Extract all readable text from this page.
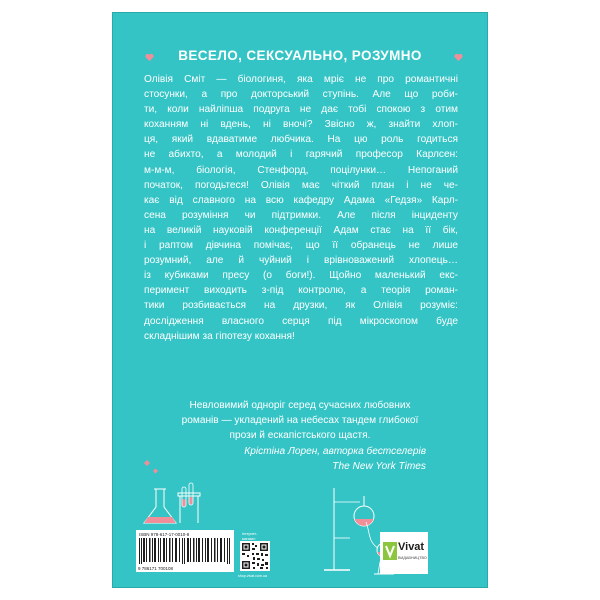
ВЕСЕЛО, СЕКСУАЛЬНО, РОЗУМНО
Олівія Сміт — біологиня, яка мріє не про романтичні
стосунки, а про докторський ступінь. Але що роби-
ти, коли найліпша подруга не дає тобі спокою з отим
коханням ні вдень, ні вночі? Звісно ж, знайти хлоп-
ця, який вдаватиме любчика. На цю роль годиться
не абихто, а молодий і гарячий професор Карлсен:
м-м-м, біологія, Стенфорд, поцілунки… Непоганий
початок, погодьтеся! Олівія має чіткий план і не че-
кає від славного на всю кафедру Адама «Гедзя» Карл-
сена розуміння чи підтримки. Але після інциденту
на великій науковій конференції Адам стає на її бік,
і раптом дівчина помічає, що її обранець не лише
розумний, але й чуйний і врівноважений хлопець…
із кубиками пресу (о боги!). Щойно маленький екс-
перимент виходить з-під контролю, а теорія роман-
тики розбивається на друзки, як Олівія розуміє:
дослідження власного серця під мікроскопом буде
складнішим за гіпотезу кохання!
Невловимий одноріг серед сучасних любовних
романів — укладений на небесах тандем глибокої
прози й ескапістського щастя.
Крістіна Лорен, авторка бестселерів
The New York Times
ISBN 978-617-17-0010-8
9 786171 700108
Інтернет-магазин
shop.vivat.com.ua
Vivat
ВИДАВНИЦТВО
